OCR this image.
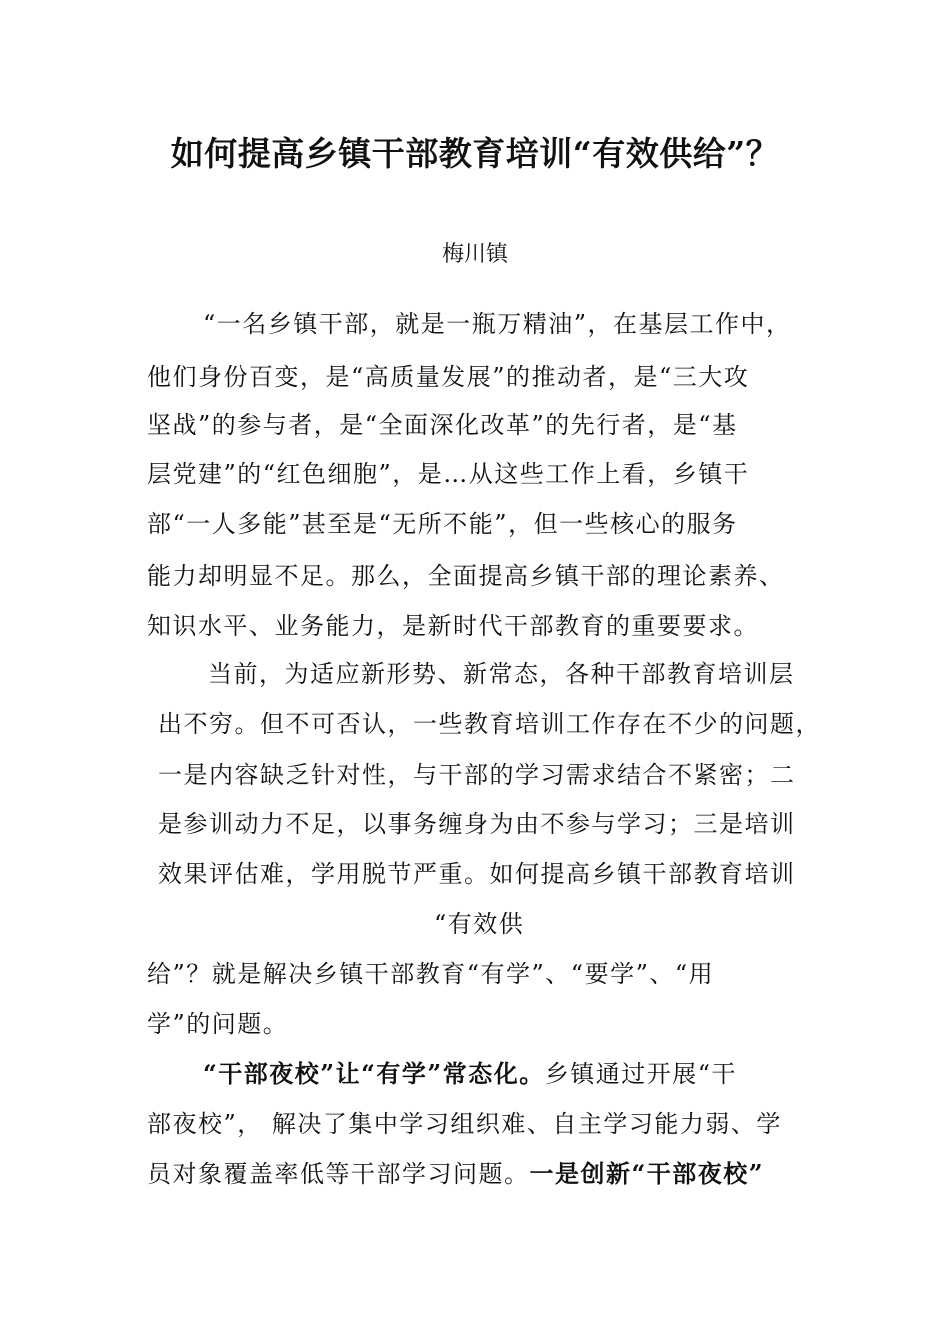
如何提高乡镇干部教育培训“有效供给”？
梅川镇
“一名乡镇干部，就是一瓶万精油”，在基层工作中，
他们身份百变，是“高质量发展”的推动者，是“三大攻
坚战”的参与者，是“全面深化改革”的先行者，是“基
层党建”的“红色细胞”，是…从这些工作上看，乡镇干
部“一人多能”甚至是“无所不能”，但一些核心的服务
能力却明显不足。那么，全面提高乡镇干部的理论素养、
知识水平、业务能力，是新时代干部教育的重要要求。
当前，为适应新形势、新常态，各种干部教育培训层
出不穷。但不可否认，一些教育培训工作存在不少的问题，
一是内容缺乏针对性，与干部的学习需求结合不紧密；二
是参训动力不足，以事务缠身为由不参与学习；三是培训
效果评估难，学用脱节严重。如何提高乡镇干部教育培训
“有效供
给”？就是解决乡镇干部教育“有学”、“要学”、“用
学”的问题。
“干部夜校”让“有学”常态化。乡镇通过开展“干
部夜校”， 解决了集中学习组织难、自主学习能力弱、学
员对象覆盖率低等干部学习问题。一是创新“干部夜校”
